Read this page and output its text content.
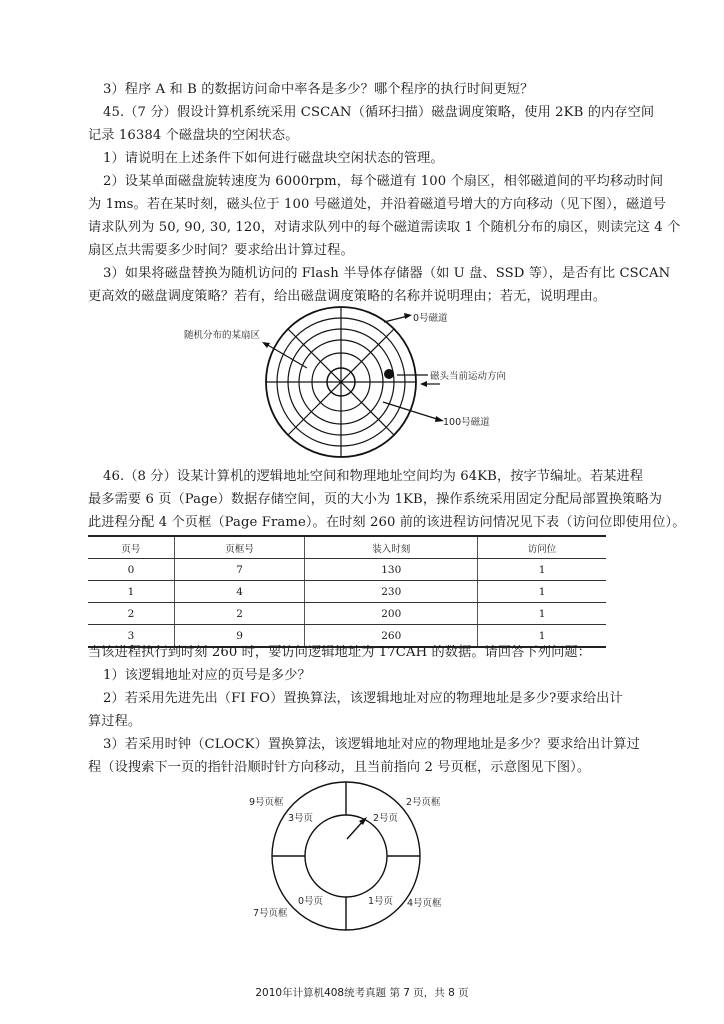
3）程序 A 和 B 的数据访问命中率各是多少？哪个程序的执行时间更短？
45.（7 分）假设计算机系统采用 CSCAN（循环扫描）磁盘调度策略，使用 2KB 的内存空间
记录 16384 个磁盘块的空闲状态。
1）请说明在上述条件下如何进行磁盘块空闲状态的管理。
2）设某单面磁盘旋转速度为 6000rpm，每个磁道有 100 个扇区，相邻磁道间的平均移动时间
为 1ms。若在某时刻，磁头位于 100 号磁道处，并沿着磁道号增大的方向移动（见下图），磁道号
请求队列为 50, 90, 30, 120，对请求队列中的每个磁道需读取 1 个随机分布的扇区，则读完这 4 个
扇区点共需要多少时间？要求给出计算过程。
3）如果将磁盘替换为随机访问的 Flash 半导体存储器（如 U 盘、SSD 等），是否有比 CSCAN
更高效的磁盘调度策略？若有，给出磁盘调度策略的名称并说明理由；若无，说明理由。
0号磁道
随机分布的某扇区
磁头当前运动方向
100号磁道
46.（8 分）设某计算机的逻辑地址空间和物理地址空间均为 64KB，按字节编址。若某进程
最多需要 6 页（Page）数据存储空间，页的大小为 1KB，操作系统采用固定分配局部置换策略为
此进程分配 4 个页框（Page Frame）。在时刻 260 前的该进程访问情况见下表（访问位即使用位）。
页号	页框号	装入时刻	访问位
0	7	130	1
1	4	230	1
2	2	200	1
3	9	260	1
当该进程执行到时刻 260 时，要访问逻辑地址为 17CAH 的数据。请回答下列问题：
1）该逻辑地址对应的页号是多少？
2）若采用先进先出（FI FO）置换算法，该逻辑地址对应的物理地址是多少?要求给出计
算过程。
3）若采用时钟（CLOCK）置换算法，该逻辑地址对应的物理地址是多少？要求给出计算过
程（设搜索下一页的指针沿顺时针方向移动，且当前指向 2 号页框，示意图见下图）。
9号页框	2号页框
3号页	2号页
0号页	1号页 4号页框
7号页框
2010年计算机408统考真题 第 7 页，共 8 页
